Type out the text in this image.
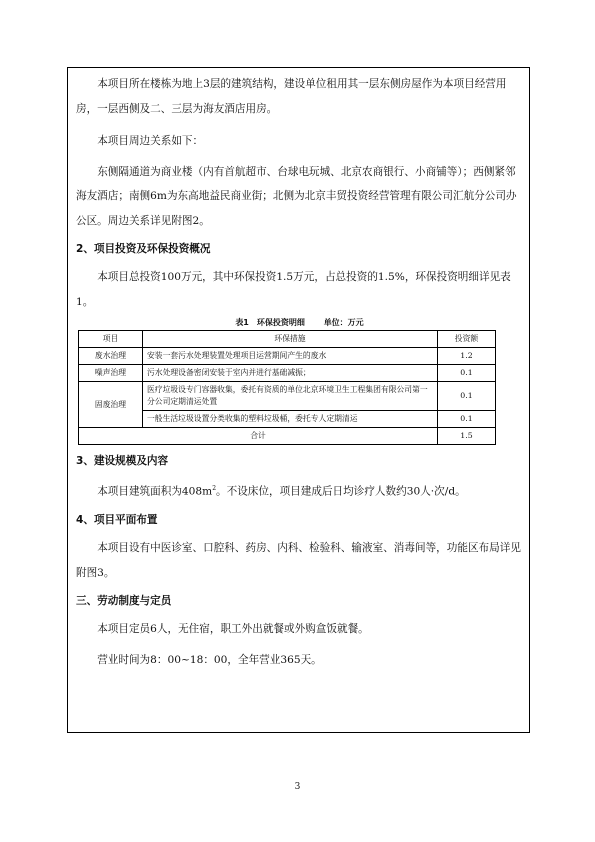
本项目所在楼栋为地上3层的建筑结构，建设单位租用其一层东侧房屋作为本项目经营用房，一层西侧及二、三层为海友酒店用房。

本项目周边关系如下：

东侧隔通道为商业楼（内有首航超市、台球电玩城、北京农商银行、小商铺等）；西侧紧邻海友酒店；南侧6m为东高地益民商业街；北侧为北京丰贸投资经营管理有限公司汇航分公司办公区。周边关系详见附图2。

2、项目投资及环保投资概况

本项目总投资100万元，其中环保投资1.5万元，占总投资的1.5%，环保投资明细详见表1。

表1　环保投资明细 单位：万元
项目	环保措施	投资额
废水治理	安装一套污水处理装置处理项目运营期间产生的废水	1.2
噪声治理	污水处理设备密闭安装于室内并进行基础减振；	0.1
固废治理	医疗垃圾设专门容器收集，委托有资质的单位北京环境卫生工程集团有限公司第一分公司定期清运处置	0.1
	一般生活垃圾设置分类收集的塑料垃圾桶，委托专人定期清运	0.1
合计		1.5

3、建设规模及内容

本项目建筑面积为$408m^2$。不设床位，项目建成后日均诊疗人数约30人·次/d。

4、项目平面布置

本项目设有中医诊室、口腔科、药房、内科、检验科、输液室、消毒间等，功能区布局详见附图3。

三、劳动制度与定员

本项目定员6人，无住宿，职工外出就餐或外购盒饭就餐。

营业时间为8：00~18：00，全年营业365天。

3
